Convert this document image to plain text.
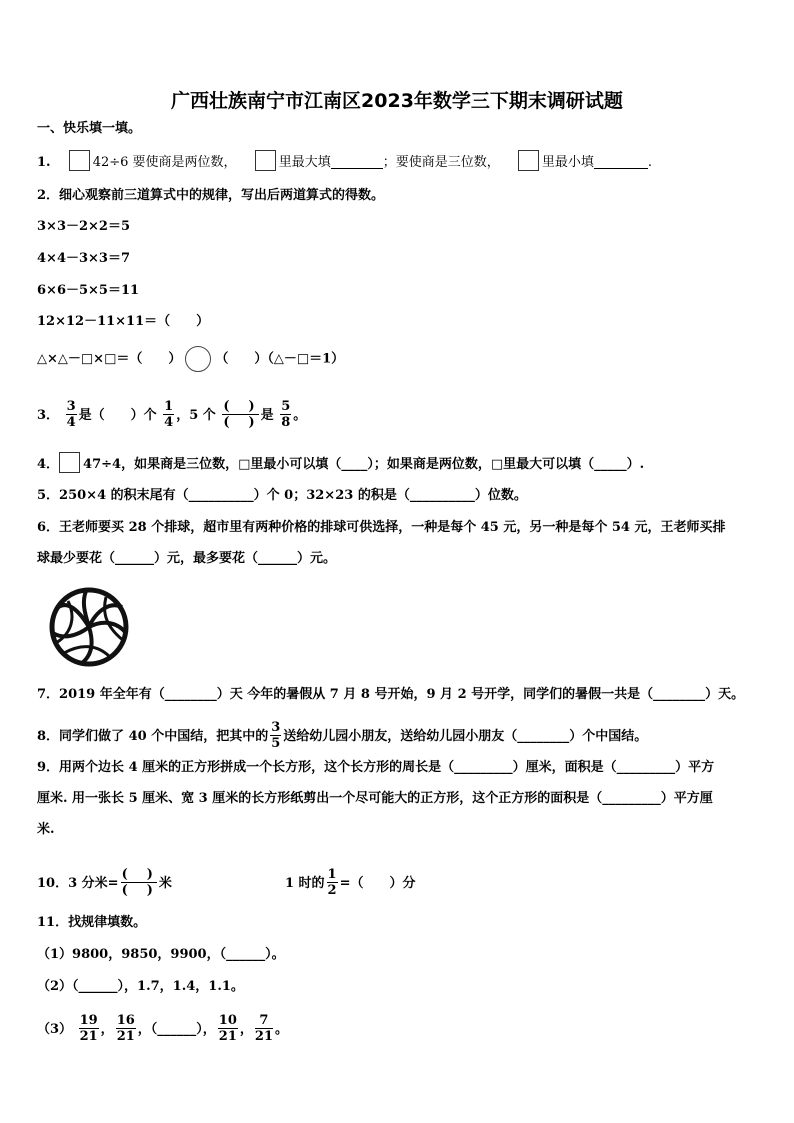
广西壮族南宁市江南区2023年数学三下期末调研试题
一、快乐填一填。
1.	42÷6 要使商是两位数，	里最大填	；要使商是三位数，	里最小填	.
2．细心观察前三道算式中的规律，写出后两道算式的得数。
3×3－2×2＝5
4×4－3×3＝7
6×6－5×5＝11
12×12－11×11＝（　　）
△×△－□×□＝（　　）	（　　）（△－□＝1）
3． $\frac{3}{4}$ 是（　　）个 $\frac{1}{4}$ ，5 个 $\frac{( )}{( )}$ 是 $\frac{5}{8}$ 。
4． 47÷4，如果商是三位数，□里最小可以填（____）；如果商是两位数，□里最大可以填（_____）.
5．250×4 的积末尾有（__________）个 0；32×23 的积是（__________）位数。
6．王老师要买 28 个排球，超市里有两种价格的排球可供选择，一种是每个 45 元，另一种是每个 54 元，王老师买排
球最少要花（______）元，最多要花（______）元。
7．2019 年全年有（________）天 今年的暑假从 7 月 8 号开始，9 月 2 号开学，同学们的暑假一共是（________）天。
8．同学们做了 40 个中国结，把其中的 $\frac{3}{5}$ 送给幼儿园小朋友，送给幼儿园小朋友（________）个中国结。
9．用两个边长 4 厘米的正方形拼成一个长方形，这个长方形的周长是（_________）厘米，面积是（_________）平方
厘米. 用一张长 5 厘米、宽 3 厘米的长方形纸剪出一个尽可能大的正方形，这个正方形的面积是（_________）平方厘
米.
10．3 分米= $\frac{( )}{( )}$ 米	1 时的 $\frac{1}{2}$ =（　　）分
11．找规律填数。
（1）9800，9850，9900，（______）。
（2）（______），1.7，1.4，1.1。
$(3) \frac{19}{21}$ ， $\frac{16}{21}$ ，（______）， $\frac{10}{21}$ ， $\frac{7}{21}$ 。
